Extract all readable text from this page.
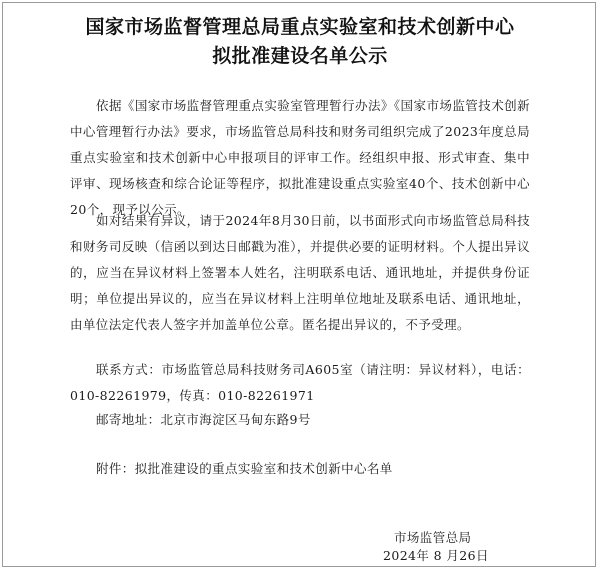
国家市场监督管理总局重点实验室和技术创新中心
拟批准建设名单公示

依据《国家市场监督管理重点实验室管理暂行办法》《国家市场监管技术创新中心管理暂行办法》要求，市场监管总局科技和财务司组织完成了2023年度总局重点实验室和技术创新中心申报项目的评审工作。经组织申报、形式审查、集中评审、现场核查和综合论证等程序，拟批准建设重点实验室40个、技术创新中心20个，现予以公示。

如对结果有异议，请于2024年8月30日前，以书面形式向市场监管总局科技和财务司反映（信函以到达日邮戳为准），并提供必要的证明材料。个人提出异议的，应当在异议材料上签署本人姓名，注明联系电话、通讯地址，并提供身份证明；单位提出异议的，应当在异议材料上注明单位地址及联系电话、通讯地址，由单位法定代表人签字并加盖单位公章。匿名提出异议的，不予受理。

联系方式：市场监管总局科技财务司A605室（请注明：异议材料），电话：010-82261979，传真：010-82261971

邮寄地址：北京市海淀区马甸东路9号

附件：拟批准建设的重点实验室和技术创新中心名单

市场监管总局
2024年 8 月26日
